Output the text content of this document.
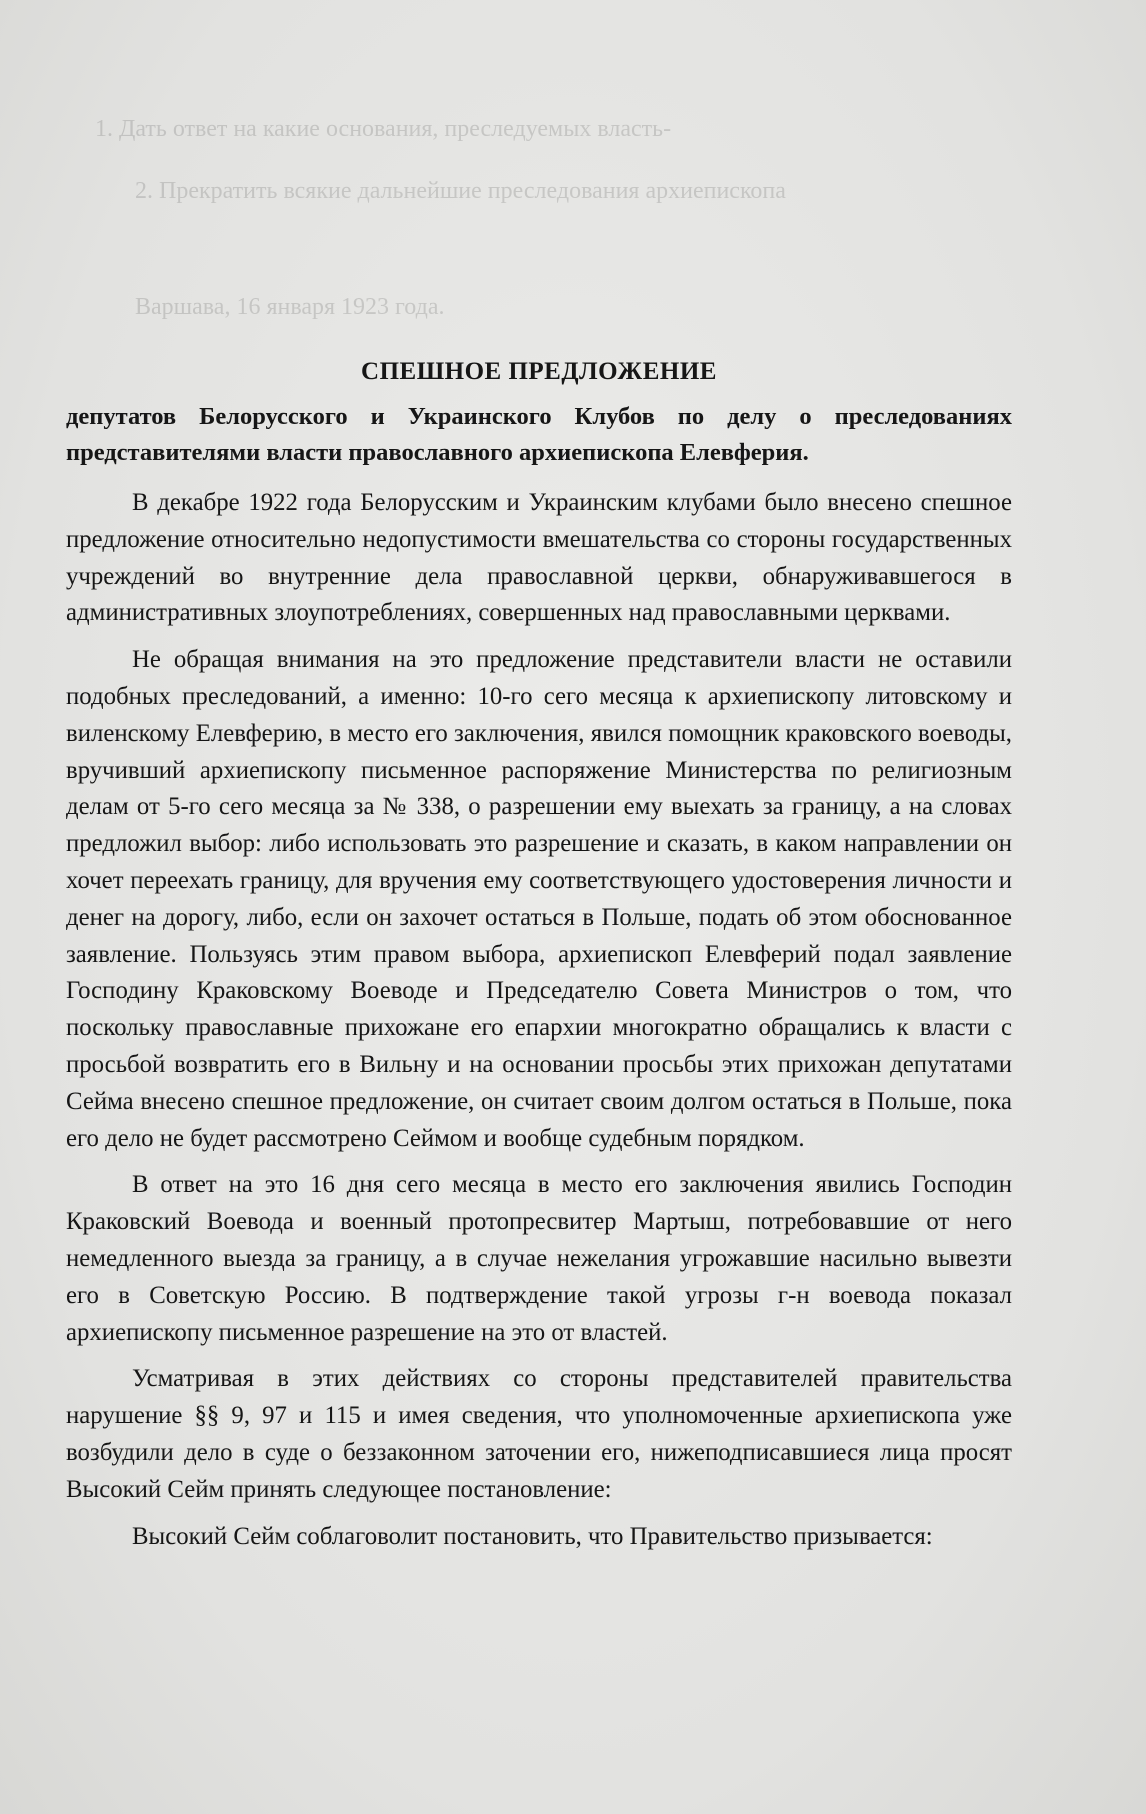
1. Дать ответ на какие основания, преследуемых власть-

2. Прекратить всякие дальнейшие преследования архиепископа

Варшава, 16 января 1923 года.

СПЕШНОЕ ПРЕДЛОЖЕНИЕ

депутатов Белорусского и Украинского Клубов по делу о преследованиях представителями власти православного архиепископа Елевферия.

В декабре 1922 года Белорусским и Украинским клубами было внесено спешное предложение относительно недопустимости вмешательства со стороны государственных учреждений во внутренние дела православной церкви, обнаруживавшегося в административных злоупотреблениях, совершенных над православными церквами.

Не обращая внимания на это предложение представители власти не оставили подобных преследований, а именно: 10-го сего месяца к архиепископу литовскому и виленскому Елевферию, в место его заключения, явился помощник краковского воеводы, вручивший архиепископу письменное распоряжение Министерства по религиозным делам от 5-го сего месяца за № 338, о разрешении ему выехать за границу, а на словах предложил выбор: либо использовать это разрешение и сказать, в каком направлении он хочет переехать границу, для вручения ему соответствующего удостоверения личности и денег на дорогу, либо, если он захочет остаться в Польше, подать об этом обоснованное заявление. Пользуясь этим правом выбора, архиепископ Елевферий подал заявление Господину Краковскому Воеводе и Председателю Совета Министров о том, что поскольку православные прихожане его епархии многократно обращались к власти с просьбой возвратить его в Вильну и на основании просьбы этих прихожан депутатами Сейма внесено спешное предложение, он считает своим долгом остаться в Польше, пока его дело не будет рассмотрено Сеймом и вообще судебным порядком.

В ответ на это 16 дня сего месяца в место его заключения явились Господин Краковский Воевода и военный протопресвитер Мартыш, потребовавшие от него немедленного выезда за границу, а в случае нежелания угрожавшие насильно вывезти его в Советскую Россию. В подтверждение такой угрозы г-н воевода показал архиепископу письменное разрешение на это от властей.

Усматривая в этих действиях со стороны представителей правительства нарушение §§ 9, 97 и 115 и имея сведения, что уполномоченные архиепископа уже возбудили дело в суде о беззаконном заточении его, нижеподписавшиеся лица просят Высокий Сейм принять следующее постановление:

Высокий Сейм соблаговолит постановить, что Правительство призывается:
